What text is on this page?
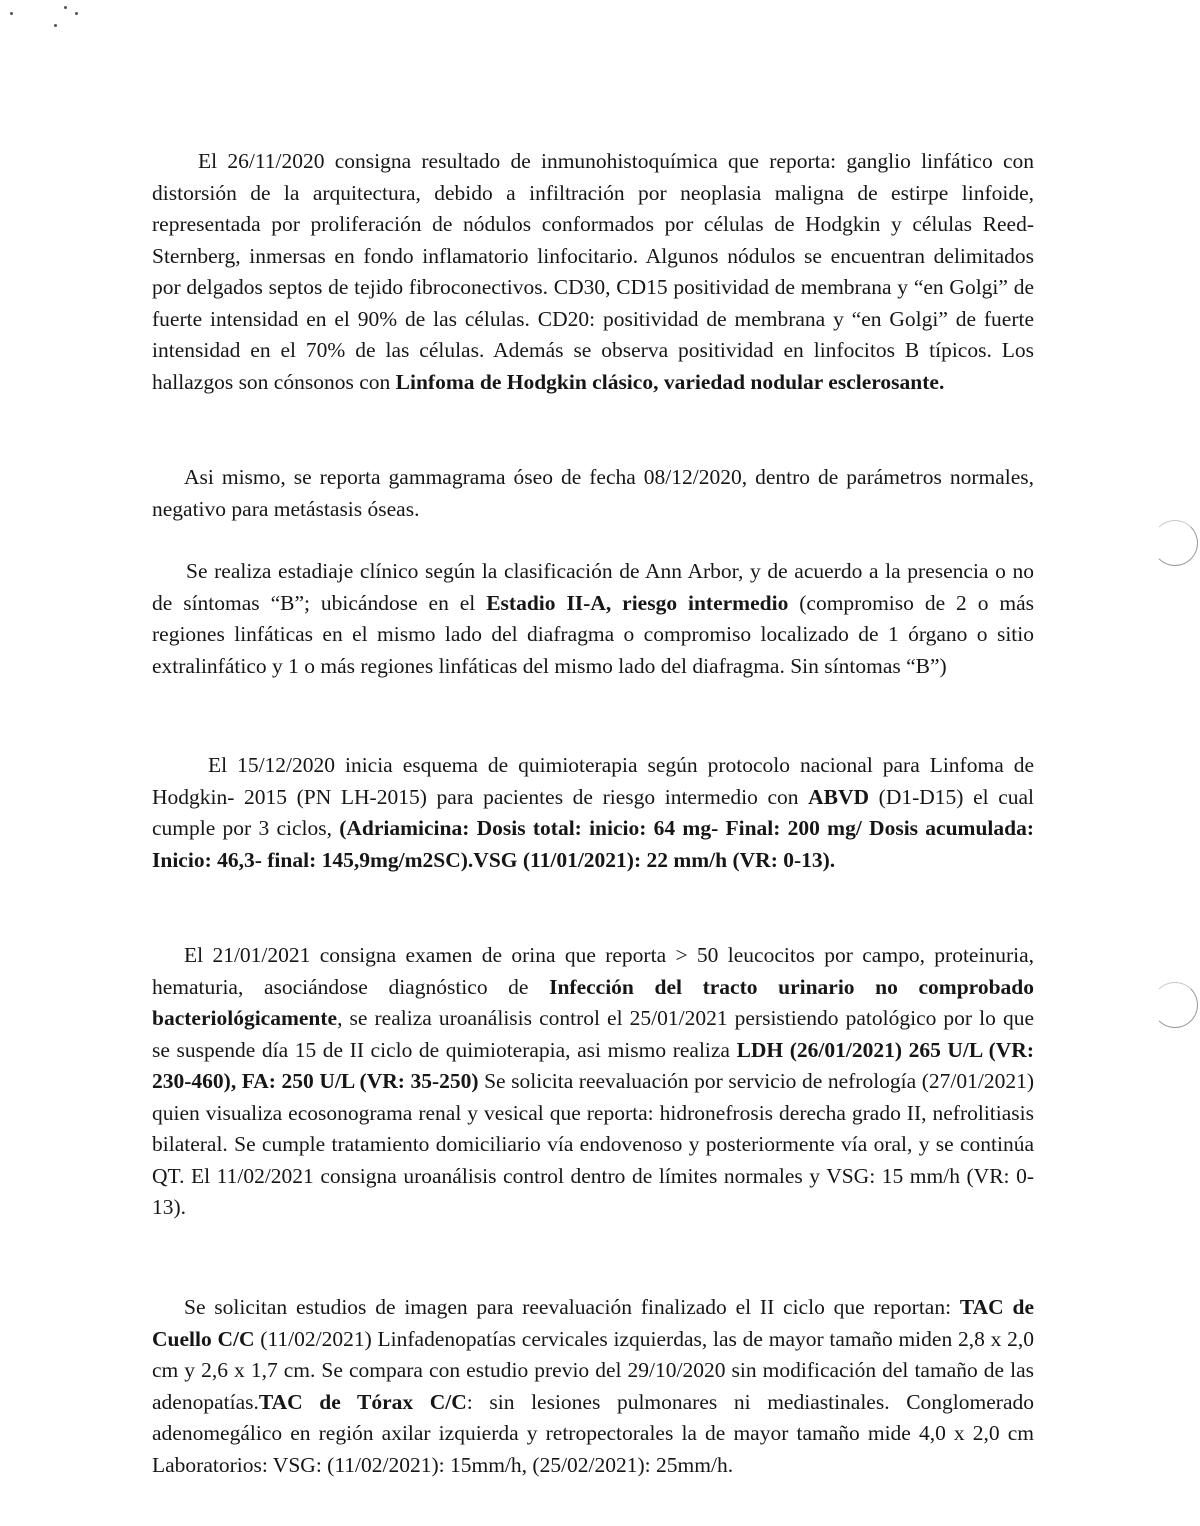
El 26/11/2020 consigna resultado de inmunohistoquímica que reporta: ganglio linfático con distorsión de la arquitectura, debido a infiltración por neoplasia maligna de estirpe linfoide, representada por proliferación de nódulos conformados por células de Hodgkin y células Reed-Sternberg, inmersas en fondo inflamatorio linfocitario. Algunos nódulos se encuentran delimitados por delgados septos de tejido fibroconectivos. CD30, CD15 positividad de membrana y “en Golgi” de fuerte intensidad en el 90% de las células. CD20: positividad de membrana y “en Golgi” de fuerte intensidad en el 70% de las células. Además se observa positividad en linfocitos B típicos. Los hallazgos son cónsonos con Linfoma de Hodgkin clásico, variedad nodular esclerosante.

Asi mismo, se reporta gammagrama óseo de fecha 08/12/2020, dentro de parámetros normales, negativo para metástasis óseas.

Se realiza estadiaje clínico según la clasificación de Ann Arbor, y de acuerdo a la presencia o no de síntomas “B”; ubicándose en el Estadio II-A, riesgo intermedio (compromiso de 2 o más regiones linfáticas en el mismo lado del diafragma o compromiso localizado de 1 órgano o sitio extralinfático y 1 o más regiones linfáticas del mismo lado del diafragma. Sin síntomas “B”)

El 15/12/2020 inicia esquema de quimioterapia según protocolo nacional para Linfoma de Hodgkin- 2015 (PN LH-2015) para pacientes de riesgo intermedio con ABVD (D1-D15) el cual cumple por 3 ciclos, (Adriamicina: Dosis total: inicio: 64 mg- Final: 200 mg/ Dosis acumulada: Inicio: 46,3- final: 145,9mg/m2SC).VSG (11/01/2021): 22 mm/h (VR: 0-13).

El 21/01/2021 consigna examen de orina que reporta > 50 leucocitos por campo, proteinuria, hematuria, asociándose diagnóstico de Infección del tracto urinario no comprobado bacteriológicamente, se realiza uroanálisis control el 25/01/2021 persistiendo patológico por lo que se suspende día 15 de II ciclo de quimioterapia, asi mismo realiza LDH (26/01/2021) 265 U/L (VR: 230-460), FA: 250 U/L (VR: 35-250) Se solicita reevaluación por servicio de nefrología (27/01/2021) quien visualiza ecosonograma renal y vesical que reporta: hidronefrosis derecha grado II, nefrolitiasis bilateral. Se cumple tratamiento domiciliario vía endovenoso y posteriormente vía oral, y se continúa QT. El 11/02/2021 consigna uroanálisis control dentro de límites normales y VSG: 15 mm/h (VR: 0-13).

Se solicitan estudios de imagen para reevaluación finalizado el II ciclo que reportan: TAC de Cuello C/C (11/02/2021) Linfadenopatías cervicales izquierdas, las de mayor tamaño miden 2,8 x 2,0 cm y 2,6 x 1,7 cm. Se compara con estudio previo del 29/10/2020 sin modificación del tamaño de las adenopatías.TAC de Tórax C/C: sin lesiones pulmonares ni mediastinales. Conglomerado adenomegálico en región axilar izquierda y retropectorales la de mayor tamaño mide 4,0 x 2,0 cm Laboratorios: VSG: (11/02/2021): 15mm/h, (25/02/2021): 25mm/h.
